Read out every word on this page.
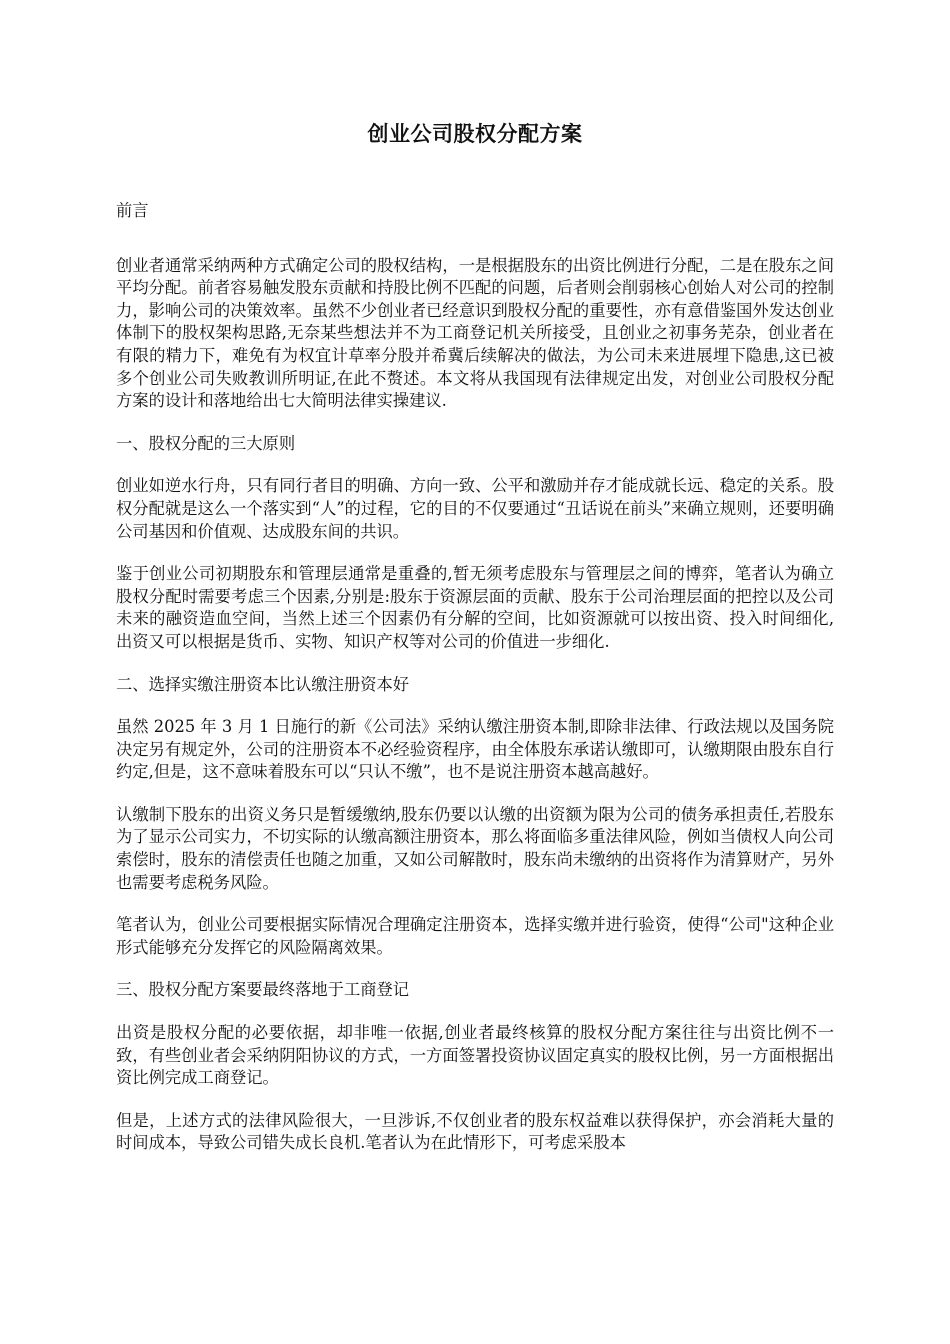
创业公司股权分配方案

前言

创业者通常采纳两种方式确定公司的股权结构，一是根据股东的出资比例进行分配，二是在股东之间平均分配。前者容易触发股东贡献和持股比例不匹配的问题，后者则会削弱核心创始人对公司的控制力，影响公司的决策效率。虽然不少创业者已经意识到股权分配的重要性，亦有意借鉴国外发达创业体制下的股权架构思路,无奈某些想法并不为工商登记机关所接受，且创业之初事务芜杂，创业者在有限的精力下，难免有为权宜计草率分股并希冀后续解决的做法，为公司未来进展埋下隐患,这已被多个创业公司失败教训所明证,在此不赘述。本文将从我国现有法律规定出发，对创业公司股权分配方案的设计和落地给出七大简明法律实操建议.

一、股权分配的三大原则

创业如逆水行舟，只有同行者目的明确、方向一致、公平和激励并存才能成就长远、稳定的关系。股权分配就是这么一个落实到“人”的过程，它的目的不仅要通过“丑话说在前头”来确立规则，还要明确公司基因和价值观、达成股东间的共识。

鉴于创业公司初期股东和管理层通常是重叠的,暂无须考虑股东与管理层之间的博弈，笔者认为确立股权分配时需要考虑三个因素,分别是:股东于资源层面的贡献、股东于公司治理层面的把控以及公司未来的融资造血空间，当然上述三个因素仍有分解的空间，比如资源就可以按出资、投入时间细化,出资又可以根据是货币、实物、知识产权等对公司的价值进一步细化.

二、选择实缴注册资本比认缴注册资本好

虽然 2025 年 3 月 1 日施行的新《公司法》采纳认缴注册资本制,即除非法律、行政法规以及国务院决定另有规定外，公司的注册资本不必经验资程序，由全体股东承诺认缴即可，认缴期限由股东自行约定,但是，这不意味着股东可以“只认不缴”，也不是说注册资本越高越好。

认缴制下股东的出资义务只是暂缓缴纳,股东仍要以认缴的出资额为限为公司的债务承担责任,若股东为了显示公司实力，不切实际的认缴高额注册资本，那么将面临多重法律风险，例如当债权人向公司索偿时，股东的清偿责任也随之加重，又如公司解散时，股东尚未缴纳的出资将作为清算财产，另外也需要考虑税务风险。

笔者认为，创业公司要根据实际情况合理确定注册资本，选择实缴并进行验资，使得“公司"这种企业形式能够充分发挥它的风险隔离效果。

三、股权分配方案要最终落地于工商登记

出资是股权分配的必要依据，却非唯一依据,创业者最终核算的股权分配方案往往与出资比例不一致，有些创业者会采纳阴阳协议的方式，一方面签署投资协议固定真实的股权比例，另一方面根据出资比例完成工商登记。

但是，上述方式的法律风险很大，一旦涉诉,不仅创业者的股东权益难以获得保护，亦会消耗大量的时间成本，导致公司错失成长良机.笔者认为在此情形下，可考虑采股本
